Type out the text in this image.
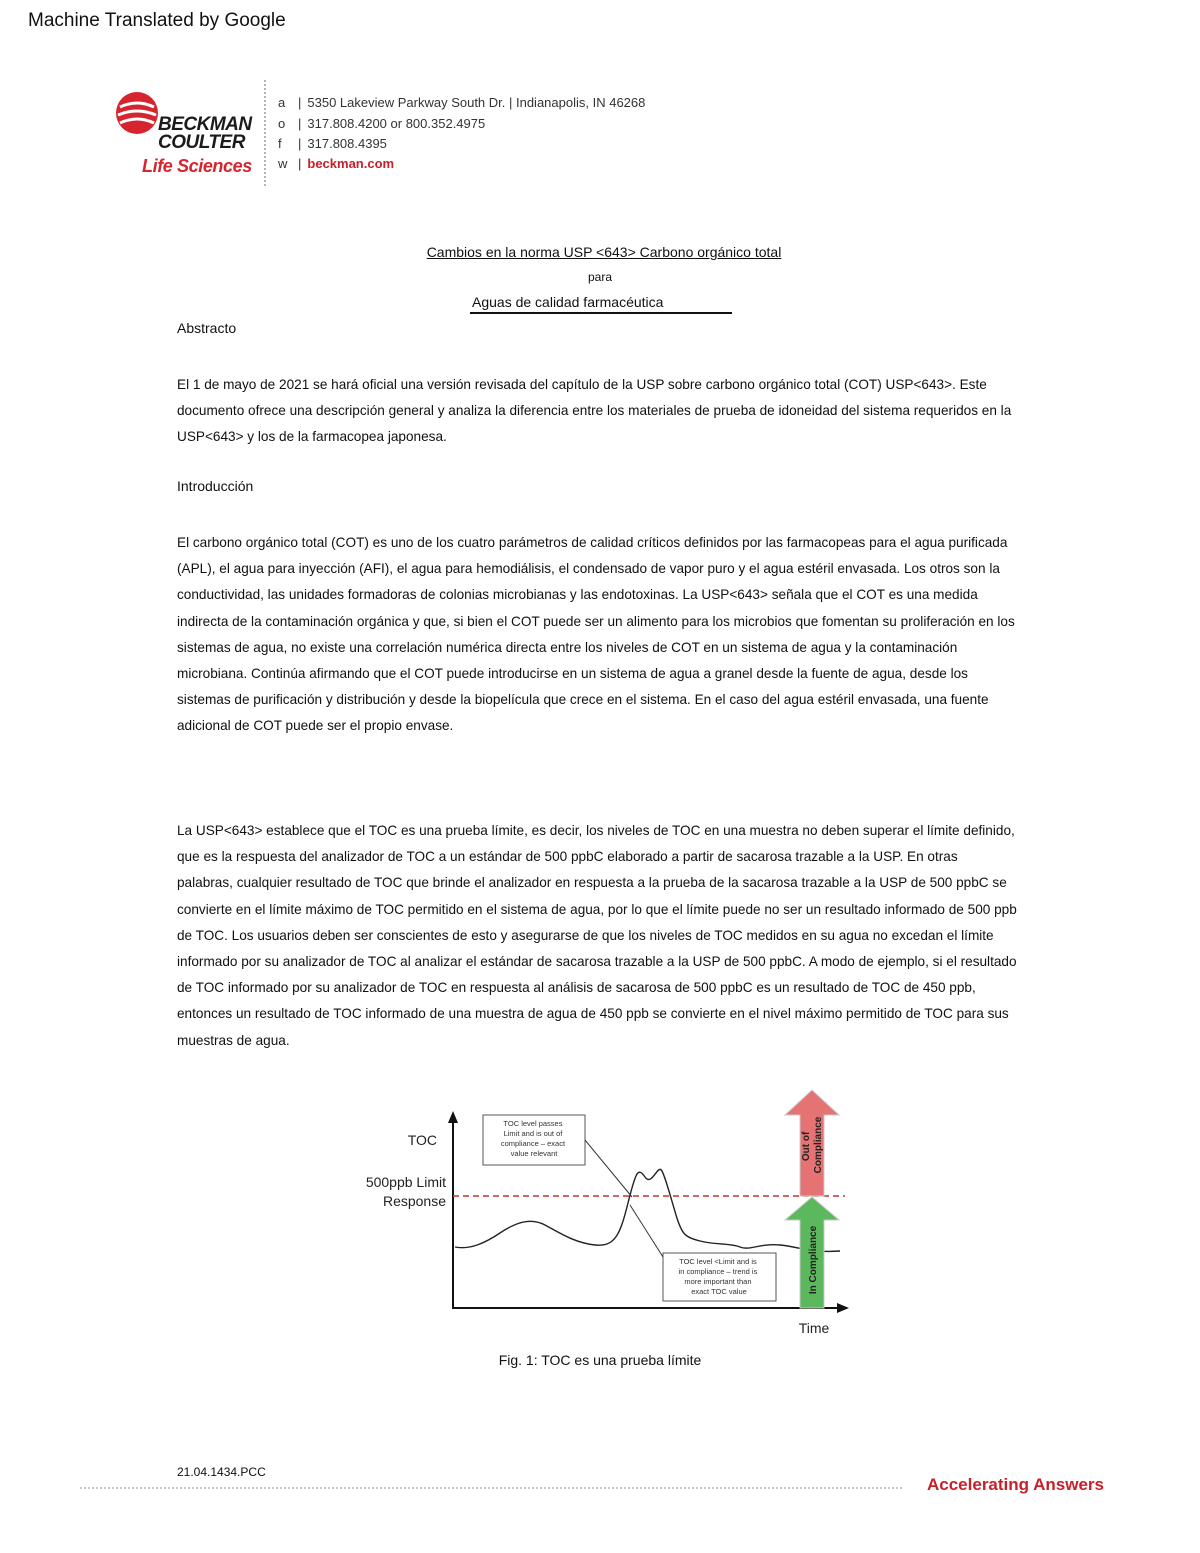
Machine Translated by Google
BECKMAN
COULTER
Life Sciences
a | 5350 Lakeview Parkway South Dr. | Indianapolis, IN 46268
o | 317.808.4200 or 800.352.4975
f | 317.808.4395
w | beckman.com
Cambios en la norma USP <643> Carbono orgánico total
para
Aguas de calidad farmacéutica
Abstracto

El 1 de mayo de 2021 se hará oficial una versión revisada del capítulo de la USP sobre carbono orgánico total (COT) USP<643>. Este documento ofrece una descripción general y analiza la diferencia entre los materiales de prueba de idoneidad del sistema requeridos en la USP<643> y los de la farmacopea japonesa.

Introducción

El carbono orgánico total (COT) es uno de los cuatro parámetros de calidad críticos definidos por las farmacopeas para el agua purificada (APL), el agua para inyección (AFI), el agua para hemodiálisis, el condensado de vapor puro y el agua estéril envasada. Los otros son la conductividad, las unidades formadoras de colonias microbianas y las endotoxinas. La USP<643> señala que el COT es una medida indirecta de la contaminación orgánica y que, si bien el COT puede ser un alimento para los microbios que fomentan su proliferación en los sistemas de agua, no existe una correlación numérica directa entre los niveles de COT en un sistema de agua y la contaminación microbiana. Continúa afirmando que el COT puede introducirse en un sistema de agua a granel desde la fuente de agua, desde los sistemas de purificación y distribución y desde la biopelícula que crece en el sistema. En el caso del agua estéril envasada, una fuente adicional de COT puede ser el propio envase.

La USP<643> establece que el TOC es una prueba límite, es decir, los niveles de TOC en una muestra no deben superar el límite definido, que es la respuesta del analizador de TOC a un estándar de 500 ppbC elaborado a partir de sacarosa trazable a la USP. En otras palabras, cualquier resultado de TOC que brinde el analizador en respuesta a la prueba de la sacarosa trazable a la USP de 500 ppbC se convierte en el límite máximo de TOC permitido en el sistema de agua, por lo que el límite puede no ser un resultado informado de 500 ppb de TOC. Los usuarios deben ser conscientes de esto y asegurarse de que los niveles de TOC medidos en su agua no excedan el límite informado por su analizador de TOC al analizar el estándar de sacarosa trazable a la USP de 500 ppbC. A modo de ejemplo, si el resultado de TOC informado por su analizador de TOC en respuesta al análisis de sacarosa de 500 ppbC es un resultado de TOC de 450 ppb, entonces un resultado de TOC informado de una muestra de agua de 450 ppb se convierte en el nivel máximo permitido de TOC para sus muestras de agua.

TOC
500ppb Limit
Response
Time
TOC level passes Limit and is out of compliance – exact value relevant
TOC level <Limit and is in compliance – trend is more important than exact TOC value
Out of Compliance
In Compliance
Fig. 1: TOC es una prueba límite
21.04.1434.PCC
Accelerating Answers
